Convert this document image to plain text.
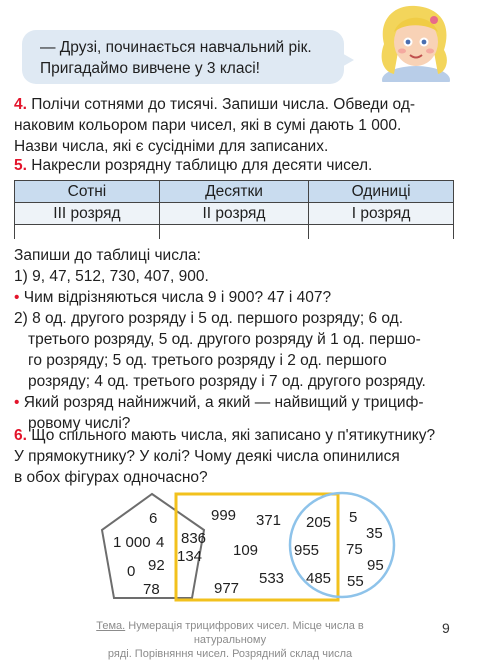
— Друзі, починається навчальний рік.
Пригадаймо вивчене у 3 класі!
4. Полічи сотнями до тисячі. Запиши числа. Обведи од-
наковим кольором пари чисел, які в сумі дають 1 000.
Назви числа, які є сусідніми для записаних.
5. Накресли розрядну таблицю для десяти чисел.
Сотні	Десятки	Одиниці
III розряд	II розряд	I розряд

Запиши до таблиці числа:
1) 9, 47, 512, 730, 407, 900.
• Чим відрізняються числа 9 і 900? 47 і 407?
2) 8 од. другого розряду і 5 од. першого розряду; 6 од.
третього розряду, 5 од. другого розряду й 1 од. першо-
го розряду; 5 од. третього розряду і 2 од. першого
розряду; 4 од. третього розряду і 7 од. другого розряду.
• Який розряд найнижчий, а який — найвищий у трициф-
ровому числі?
6. Що спільного мають числа, які записано у п'ятикутнику?
У прямокутнику? У колі? Чому деякі числа опинилися
в обох фігурах одночасно?
6
1 000 4
92
0
78
836
134
999 371
109
977
533
205
955
485
5
35
75
95
55
Тема. Нумерація трицифрових чисел. Місце числа в натуральному
ряді. Порівняння чисел. Розрядний склад числа
9
